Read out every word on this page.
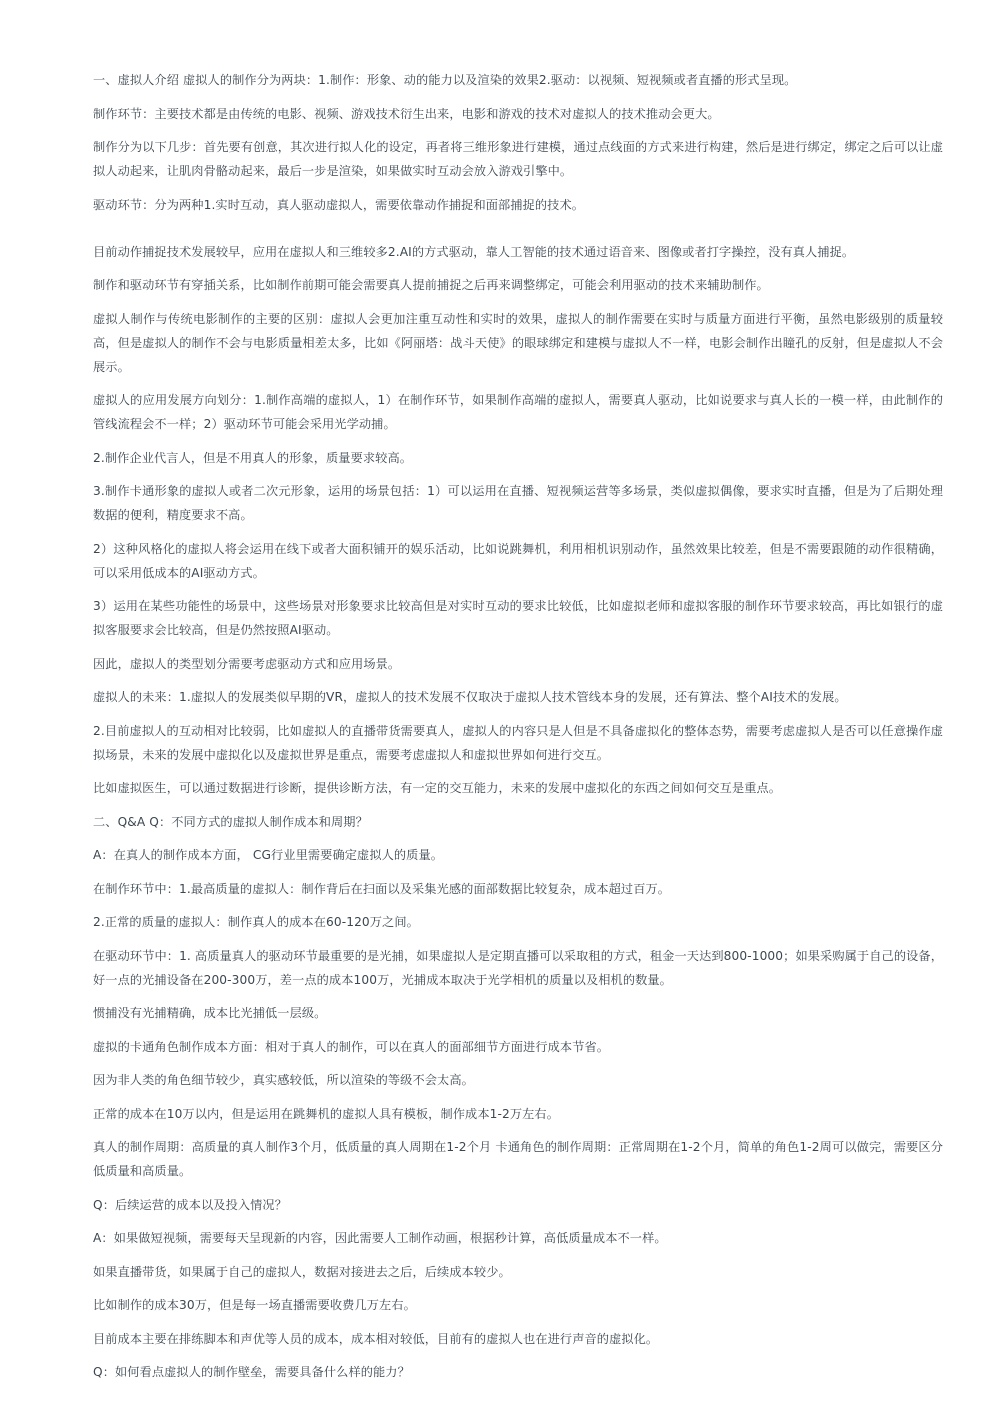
一、虚拟人介绍 虚拟人的制作分为两块：1.制作：形象、动的能力以及渲染的效果2.驱动：以视频、短视频或者直播的形式呈现。

制作环节：主要技术都是由传统的电影、视频、游戏技术衍生出来，电影和游戏的技术对虚拟人的技术推动会更大。

制作分为以下几步：首先要有创意，其次进行拟人化的设定，再者将三维形象进行建模，通过点线面的方式来进行构建，然后是进行绑定，绑定之后可以让虚拟人动起来，让肌肉骨骼动起来，最后一步是渲染，如果做实时互动会放入游戏引擎中。

驱动环节：分为两种1.实时互动，真人驱动虚拟人，需要依靠动作捕捉和面部捕捉的技术。

目前动作捕捉技术发展较早，应用在虚拟人和三维较多2.AI的方式驱动，靠人工智能的技术通过语音来、图像或者打字操控，没有真人捕捉。

制作和驱动环节有穿插关系，比如制作前期可能会需要真人提前捕捉之后再来调整绑定，可能会利用驱动的技术来辅助制作。

虚拟人制作与传统电影制作的主要的区别：虚拟人会更加注重互动性和实时的效果，虚拟人的制作需要在实时与质量方面进行平衡，虽然电影级别的质量较高，但是虚拟人的制作不会与电影质量相差太多，比如《阿丽塔：战斗天使》的眼球绑定和建模与虚拟人不一样，电影会制作出瞳孔的反射，但是虚拟人不会展示。

虚拟人的应用发展方向划分：1.制作高端的虚拟人，1）在制作环节，如果制作高端的虚拟人，需要真人驱动，比如说要求与真人长的一模一样，由此制作的管线流程会不一样；2）驱动环节可能会采用光学动捕。

2.制作企业代言人，但是不用真人的形象，质量要求较高。

3.制作卡通形象的虚拟人或者二次元形象，运用的场景包括：1）可以运用在直播、短视频运营等多场景，类似虚拟偶像，要求实时直播，但是为了后期处理数据的便利，精度要求不高。

2）这种风格化的虚拟人将会运用在线下或者大面积铺开的娱乐活动，比如说跳舞机，利用相机识别动作，虽然效果比较差，但是不需要跟随的动作很精确，可以采用低成本的AI驱动方式。

3）运用在某些功能性的场景中，这些场景对形象要求比较高但是对实时互动的要求比较低，比如虚拟老师和虚拟客服的制作环节要求较高，再比如银行的虚拟客服要求会比较高，但是仍然按照AI驱动。

因此，虚拟人的类型划分需要考虑驱动方式和应用场景。

虚拟人的未来：1.虚拟人的发展类似早期的VR，虚拟人的技术发展不仅取决于虚拟人技术管线本身的发展，还有算法、整个AI技术的发展。

2.目前虚拟人的互动相对比较弱，比如虚拟人的直播带货需要真人，虚拟人的内容只是人但是不具备虚拟化的整体态势，需要考虑虚拟人是否可以任意操作虚拟场景，未来的发展中虚拟化以及虚拟世界是重点，需要考虑虚拟人和虚拟世界如何进行交互。

比如虚拟医生，可以通过数据进行诊断，提供诊断方法，有一定的交互能力，未来的发展中虚拟化的东西之间如何交互是重点。

二、Q&A Q：不同方式的虚拟人制作成本和周期？

A：在真人的制作成本方面， CG行业里需要确定虚拟人的质量。

在制作环节中：1.最高质量的虚拟人：制作背后在扫面以及采集光感的面部数据比较复杂，成本超过百万。

2.正常的质量的虚拟人：制作真人的成本在60-120万之间。

在驱动环节中：1. 高质量真人的驱动环节最重要的是光捕，如果虚拟人是定期直播可以采取租的方式，租金一天达到800-1000；如果采购属于自己的设备，好一点的光捕设备在200-300万，差一点的成本100万，光捕成本取决于光学相机的质量以及相机的数量。

惯捕没有光捕精确，成本比光捕低一层级。

虚拟的卡通角色制作成本方面：相对于真人的制作，可以在真人的面部细节方面进行成本节省。

因为非人类的角色细节较少，真实感较低，所以渲染的等级不会太高。

正常的成本在10万以内，但是运用在跳舞机的虚拟人具有模板，制作成本1-2万左右。

真人的制作周期：高质量的真人制作3个月，低质量的真人周期在1-2个月 卡通角色的制作周期：正常周期在1-2个月，简单的角色1-2周可以做完，需要区分低质量和高质量。

Q：后续运营的成本以及投入情况？

A：如果做短视频，需要每天呈现新的内容，因此需要人工制作动画，根据秒计算，高低质量成本不一样。

如果直播带货，如果属于自己的虚拟人，数据对接进去之后，后续成本较少。

比如制作的成本30万，但是每一场直播需要收费几万左右。

目前成本主要在排练脚本和声优等人员的成本，成本相对较低，目前有的虚拟人也在进行声音的虚拟化。

Q：如何看点虚拟人的制作壁垒，需要具备什么样的能力？
